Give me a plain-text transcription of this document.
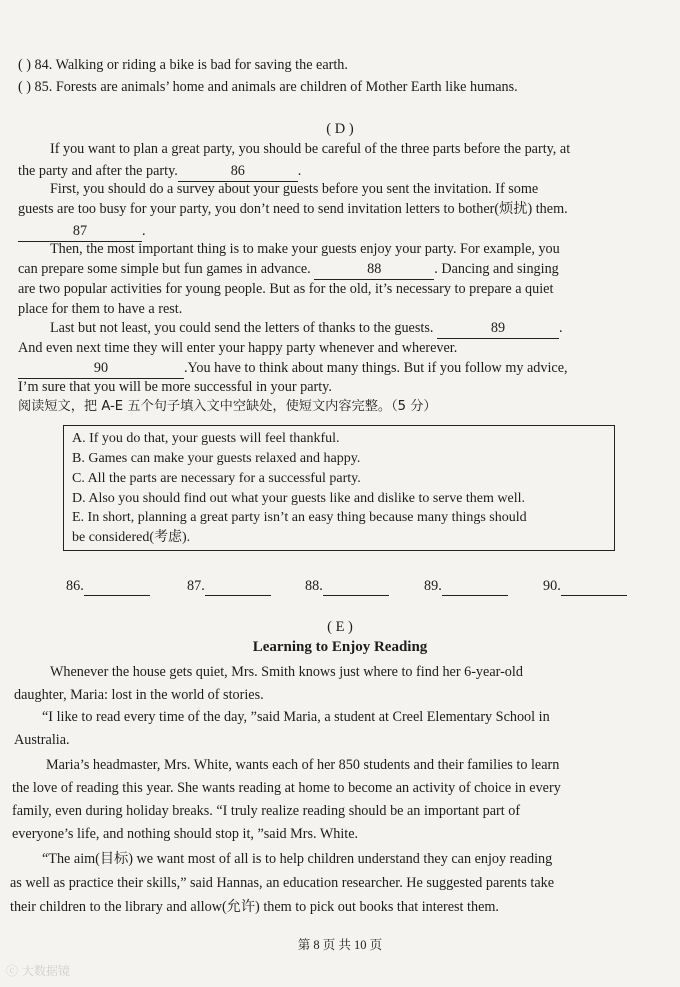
( ) 84. Walking or riding a bike is bad for saving the earth.
( ) 85. Forests are animals’ home and animals are children of Mother Earth like humans.
( D )
If you want to plan a great party, you should be careful of the three parts before the party, at
the party and after the party.	86	.
First, you should do a survey about your guests before you sent the invitation. If some
guests are too busy for your party, you don’t need to send invitation letters to bother(烦扰) them.
87	.
Then, the most important thing is to make your guests enjoy your party. For example, you
can prepare some simple but fun games in advance.	88	. Dancing and singing
are two popular activities for young people. But as for the old, it’s necessary to prepare a quiet
place for them to have a rest.
Last but not least, you could send the letters of thanks to the guests.	89	.
And even next time they will enter your happy party whenever and wherever.
90	.You have to think about many things. But if you follow my advice,
I’m sure that you will be more successful in your party.
阅读短文，把 A-E 五个句子填入文中空缺处，使短文内容完整。（5 分）
A. If you do that, your guests will feel thankful.
B. Games can make your guests relaxed and happy.
C. All the parts are necessary for a successful party.
D. Also you should find out what your guests like and dislike to serve them well.
E. In short, planning a great party isn’t an easy thing because many things should
be considered(考虑).
86.	87.	88.	89.	90.
( E )
Learning to Enjoy Reading
Whenever the house gets quiet, Mrs. Smith knows just where to find her 6-year-old
daughter, Maria: lost in the world of stories.
“I like to read every time of the day, ”said Maria, a student at Creel Elementary School in
Australia.
Maria’s headmaster, Mrs. White, wants each of her 850 students and their families to learn
the love of reading this year. She wants reading at home to become an activity of choice in every
family, even during holiday breaks. “I truly realize reading should be an important part of
everyone’s life, and nothing should stop it, ”said Mrs. White.
“The aim(目标) we want most of all is to help children understand they can enjoy reading
as well as practice their skills,” said Hannas, an education researcher. He suggested parents take
their children to the library and allow(允许) them to pick out books that interest them.
第 8 页 共 10 页
ⓒ 大数据镜
